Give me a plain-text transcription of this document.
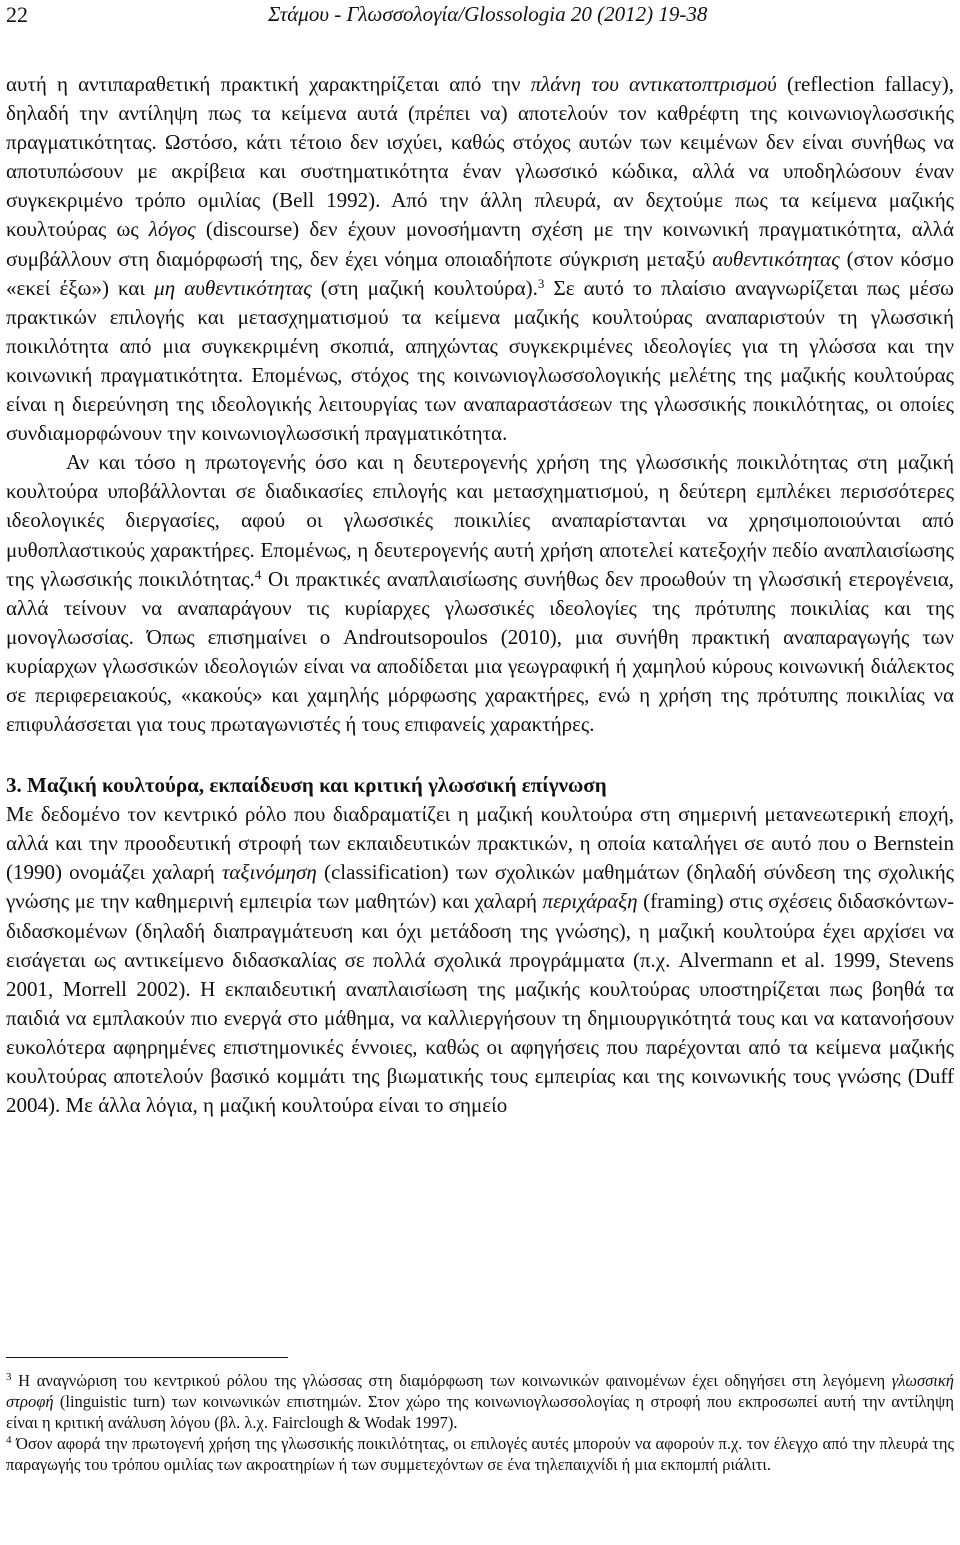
22	Στάμου - Γλωσσολογία/Glossologia 20 (2012) 19-38

αυτή η αντιπαραθετική πρακτική χαρακτηρίζεται από την πλάνη του αντικατοπτρισμού (reflection fallacy), δηλαδή την αντίληψη πως τα κείμενα αυτά (πρέπει να) αποτελούν τον καθρέφτη της κοινωνιογλωσσικής πραγματικότητας. Ωστόσο, κάτι τέτοιο δεν ισχύει, καθώς στόχος αυτών των κειμένων δεν είναι συνήθως να αποτυπώσουν με ακρίβεια και συστηματικότητα έναν γλωσσικό κώδικα, αλλά να υποδηλώσουν έναν συγκεκριμένο τρόπο ομιλίας (Bell 1992). Από την άλλη πλευρά, αν δεχτούμε πως τα κείμενα μαζικής κουλτούρας ως λόγος (discourse) δεν έχουν μονοσήμαντη σχέση με την κοινωνική πραγματικότητα, αλλά συμβάλλουν στη διαμόρφωσή της, δεν έχει νόημα οποιαδήποτε σύγκριση μεταξύ αυθεντικότητας (στον κόσμο «εκεί έξω») και μη αυθεντικότητας (στη μαζική κουλτούρα).$^3$ Σε αυτό το πλαίσιο αναγνωρίζεται πως μέσω πρακτικών επιλογής και μετασχηματισμού τα κείμενα μαζικής κουλτούρας αναπαριστούν τη γλωσσική ποικιλότητα από μια συγκεκριμένη σκοπιά, απηχώντας συγκεκριμένες ιδεολογίες για τη γλώσσα και την κοινωνική πραγματικότητα. Επομένως, στόχος της κοινωνιογλωσσολογικής μελέτης της μαζικής κουλτούρας είναι η διερεύνηση της ιδεολογικής λειτουργίας των αναπαραστάσεων της γλωσσικής ποικιλότητας, οι οποίες συνδιαμορφώνουν την κοινωνιογλωσσική πραγματικότητα.

Αν και τόσο η πρωτογενής όσο και η δευτερογενής χρήση της γλωσσικής ποικιλότητας στη μαζική κουλτούρα υποβάλλονται σε διαδικασίες επιλογής και μετασχηματισμού, η δεύτερη εμπλέκει περισσότερες ιδεολογικές διεργασίες, αφού οι γλωσσικές ποικιλίες αναπαρίστανται να χρησιμοποιούνται από μυθοπλαστικούς χαρακτήρες. Επομένως, η δευτερογενής αυτή χρήση αποτελεί κατεξοχήν πεδίο αναπλαισίωσης της γλωσσικής ποικιλότητας.$^4$ Οι πρακτικές αναπλαισίωσης συνήθως δεν προωθούν τη γλωσσική ετερογένεια, αλλά τείνουν να αναπαράγουν τις κυρίαρχες γλωσσικές ιδεολογίες της πρότυπης ποικιλίας και της μονογλωσσίας. Όπως επισημαίνει ο Androutsopoulos (2010), μια συνήθη πρακτική αναπαραγωγής των κυρίαρχων γλωσσικών ιδεολογιών είναι να αποδίδεται μια γεωγραφική ή χαμηλού κύρους κοινωνική διάλεκτος σε περιφερειακούς, «κακούς» και χαμηλής μόρφωσης χαρακτήρες, ενώ η χρήση της πρότυπης ποικιλίας να επιφυλάσσεται για τους πρωταγωνιστές ή τους επιφανείς χαρακτήρες.

3. Μαζική κουλτούρα, εκπαίδευση και κριτική γλωσσική επίγνωση

Με δεδομένο τον κεντρικό ρόλο που διαδραματίζει η μαζική κουλτούρα στη σημερινή μετανεωτερική εποχή, αλλά και την προοδευτική στροφή των εκπαιδευτικών πρακτικών, η οποία καταλήγει σε αυτό που ο Bernstein (1990) ονομάζει χαλαρή ταξινόμηση (classification) των σχολικών μαθημάτων (δηλαδή σύνδεση της σχολικής γνώσης με την καθημερινή εμπειρία των μαθητών) και χαλαρή περιχάραξη (framing) στις σχέσεις διδασκόντων-διδασκομένων (δηλαδή διαπραγμάτευση και όχι μετάδοση της γνώσης), η μαζική κουλτούρα έχει αρχίσει να εισάγεται ως αντικείμενο διδασκαλίας σε πολλά σχολικά προγράμματα (π.χ. Alvermann et al. 1999, Stevens 2001, Morrell 2002). Η εκπαιδευτική αναπλαισίωση της μαζικής κουλτούρας υποστηρίζεται πως βοηθά τα παιδιά να εμπλακούν πιο ενεργά στο μάθημα, να καλλιεργήσουν τη δημιουργικότητά τους και να κατανοήσουν ευκολότερα αφηρημένες επιστημονικές έννοιες, καθώς οι αφηγήσεις που παρέχονται από τα κείμενα μαζικής κουλτούρας αποτελούν βασικό κομμάτι της βιωματικής τους εμπειρίας και της κοινωνικής τους γνώσης (Duff 2004). Με άλλα λόγια, η μαζική κουλτούρα είναι το σημείο

$^3$ Η αναγνώριση του κεντρικού ρόλου της γλώσσας στη διαμόρφωση των κοινωνικών φαινομένων έχει οδηγήσει στη λεγόμενη γλωσσική στροφή (linguistic turn) των κοινωνικών επιστημών. Στον χώρο της κοινωνιογλωσσολογίας η στροφή που εκπροσωπεί αυτή την αντίληψη είναι η κριτική ανάλυση λόγου (βλ. λ.χ. Fairclough & Wodak 1997).

$^4$ Όσον αφορά την πρωτογενή χρήση της γλωσσικής ποικιλότητας, οι επιλογές αυτές μπορούν να αφορούν π.χ. τον έλεγχο από την πλευρά της παραγωγής του τρόπου ομιλίας των ακροατηρίων ή των συμμετεχόντων σε ένα τηλεπαιχνίδι ή μια εκπομπή ριάλιτι.
